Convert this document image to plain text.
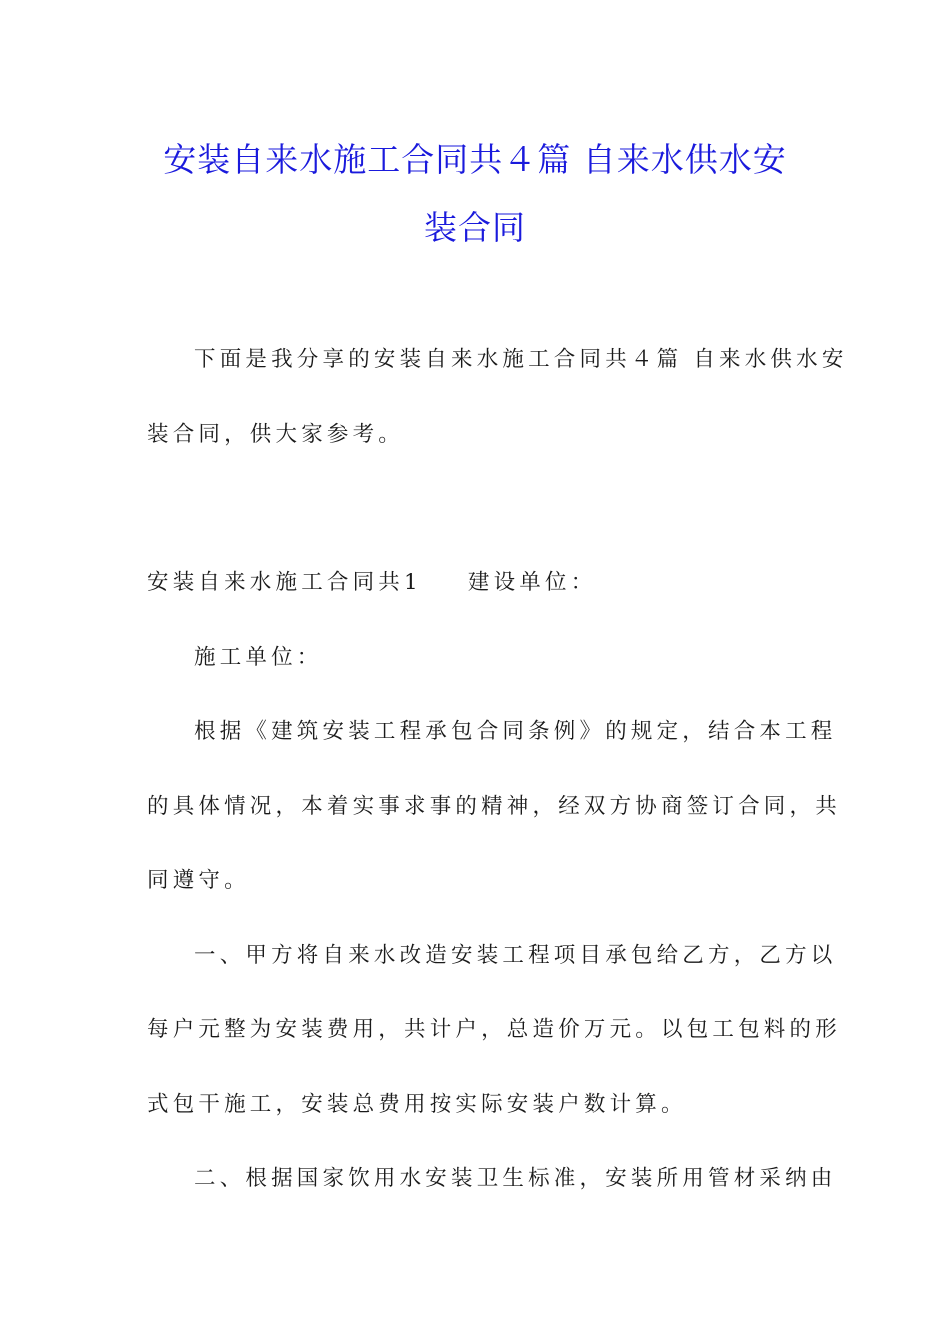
安装自来水施工合同共４篇 自来水供水安
装合同
下面是我分享的安装自来水施工合同共４篇 自来水供水安
装合同，供大家参考。
安装自来水施工合同共1 建设单位：
施工单位：
根据《建筑安装工程承包合同条例》的规定，结合本工程
的具体情况，本着实事求事的精神，经双方协商签订合同，共
同遵守。
一、甲方将自来水改造安装工程项目承包给乙方，乙方以
每户元整为安装费用，共计户，总造价万元。以包工包料的形
式包干施工，安装总费用按实际安装户数计算。
二、根据国家饮用水安装卫生标准，安装所用管材采纳由
